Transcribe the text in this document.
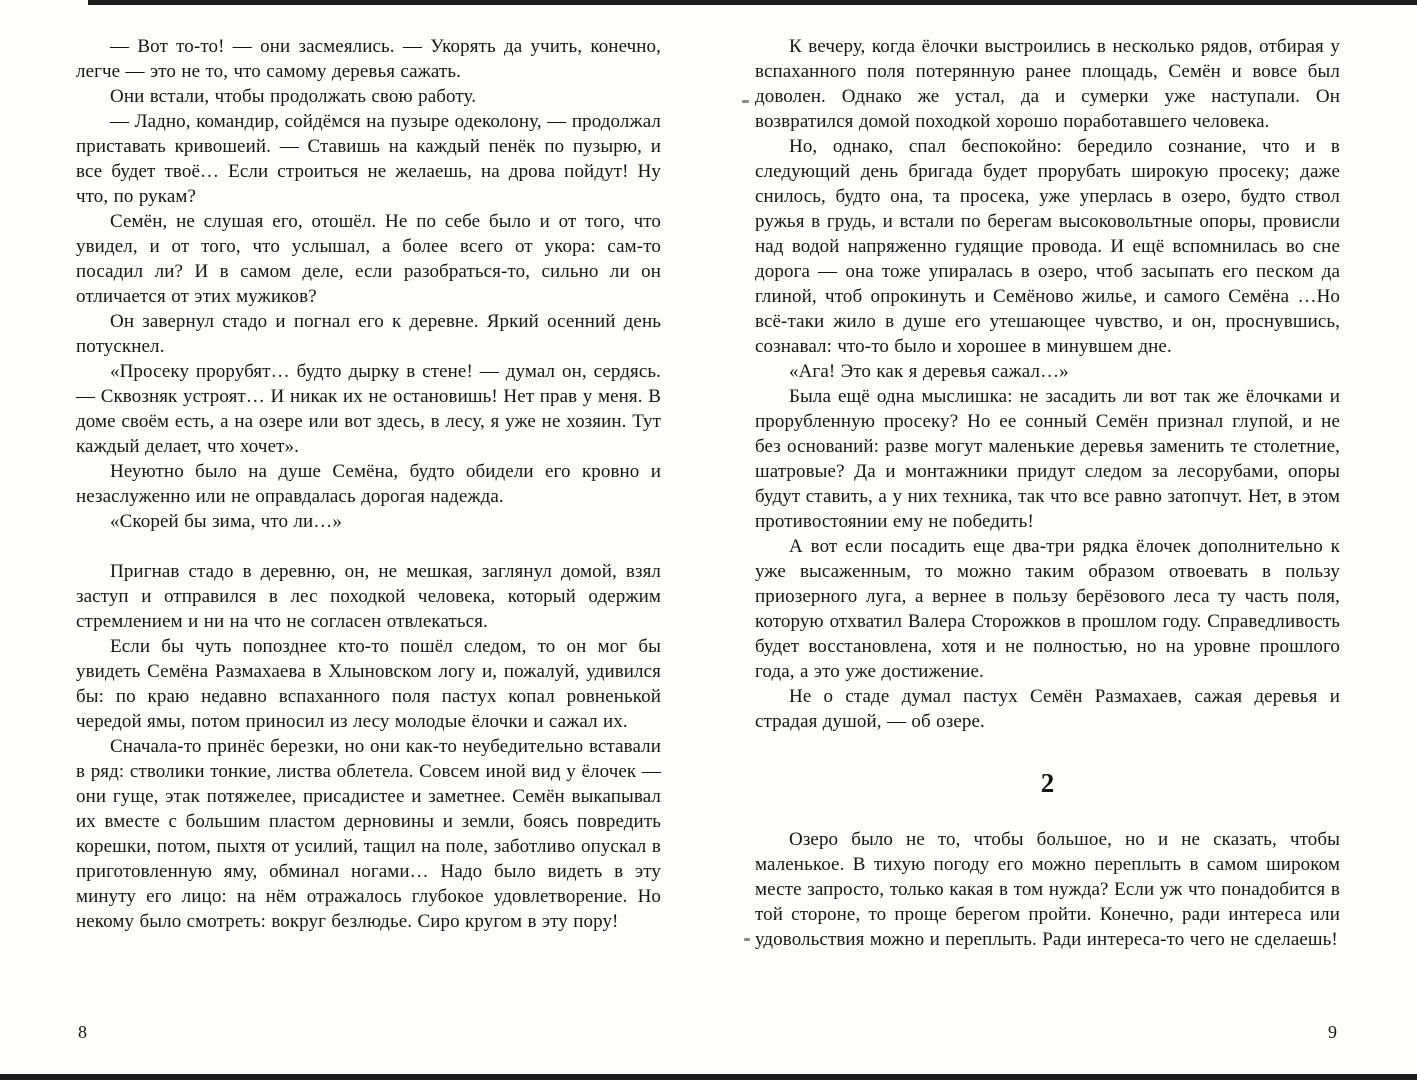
— Вот то-то! — они засмеялись. — Укорять да учить, конечно, легче — это не то, что самому деревья сажать.

Они встали, чтобы продолжать свою работу.

— Ладно, командир, сойдёмся на пузыре одеколону, — продолжал приставать кривошеий. — Ставишь на каждый пенёк по пузырю, и все будет твоё… Если строиться не желаешь, на дрова пойдут! Ну что, по рукам?

Семён, не слушая его, отошёл. Не по себе было и от того, что увидел, и от того, что услышал, а более всего от укора: сам-то посадил ли? И в самом деле, если разобраться-то, сильно ли он отличается от этих мужиков?

Он завернул стадо и погнал его к деревне. Яркий осенний день потускнел.

«Просеку прорубят… будто дырку в стене! — думал он, сердясь. — Сквозняк устроят… И никак их не остановишь! Нет прав у меня. В доме своём есть, а на озере или вот здесь, в лесу, я уже не хозяин. Тут каждый делает, что хочет».

Неуютно было на душе Семёна, будто обидели его кровно и незаслуженно или не оправдалась дорогая надежда.

«Скорей бы зима, что ли…»

Пригнав стадо в деревню, он, не мешкая, заглянул домой, взял заступ и отправился в лес походкой человека, который одержим стремлением и ни на что не согласен отвлекаться.

Если бы чуть попозднее кто-то пошёл следом, то он мог бы увидеть Семёна Размахаева в Хлыновском логу и, пожалуй, удивился бы: по краю недавно вспаханного поля пастух копал ровненькой чередой ямы, потом приносил из лесу молодые ёлочки и сажал их.

Сначала-то принёс березки, но они как-то неубедительно вставали в ряд: стволики тонкие, листва облетела. Совсем иной вид у ёлочек — они гуще, этак потяжелее, присадистее и заметнее. Семён выкапывал их вместе с большим пластом дерновины и земли, боясь повредить корешки, потом, пыхтя от усилий, тащил на поле, заботливо опускал в приготовленную яму, обминал ногами… Надо было видеть в эту минуту его лицо: на нём отражалось глубокое удовлетворение. Но некому было смотреть: вокруг безлюдье. Сиро кругом в эту пору!

К вечеру, когда ёлочки выстроились в несколько рядов, отбирая у вспаханного поля потерянную ранее площадь, Семён и вовсе был доволен. Однако же устал, да и сумерки уже наступали. Он возвратился домой походкой хорошо поработавшего человека.

Но, однако, спал беспокойно: бередило сознание, что и в следующий день бригада будет прорубать широкую просеку; даже снилось, будто она, та просека, уже уперлась в озеро, будто ствол ружья в грудь, и встали по берегам высоковольтные опоры, провисли над водой напряженно гудящие провода. И ещё вспомнилась во сне дорога — она тоже упиралась в озеро, чтоб засыпать его песком да глиной, чтоб опрокинуть и Семёново жилье, и самого Семёна …Но всё-таки жило в душе его утешающее чувство, и он, проснувшись, сознавал: что-то было и хорошее в минувшем дне.

«Ага! Это как я деревья сажал…»

Была ещё одна мыслишка: не засадить ли вот так же ёлочками и прорубленную просеку? Но ее сонный Семён признал глупой, и не без оснований: разве могут маленькие деревья заменить те столетние, шатровые? Да и монтажники придут следом за лесорубами, опоры будут ставить, а у них техника, так что все равно затопчут. Нет, в этом противостоянии ему не победить!

А вот если посадить еще два-три рядка ёлочек дополнительно к уже высаженным, то можно таким образом отвоевать в пользу приозерного луга, а вернее в пользу берёзового леса ту часть поля, которую отхватил Валера Сторожков в прошлом году. Справедливость будет восстановлена, хотя и не полностью, но на уровне прошлого года, а это уже достижение.

Не о стаде думал пастух Семён Размахаев, сажая деревья и страдая душой, — об озере.

2

Озеро было не то, чтобы большое, но и не сказать, чтобы маленькое. В тихую погоду его можно переплыть в самом широком месте запросто, только какая в том нужда? Если уж что понадобится в той стороне, то проще берегом пройти. Конечно, ради интереса или удовольствия можно и переплыть. Ради интереса-то чего не сделаешь!

8	9
